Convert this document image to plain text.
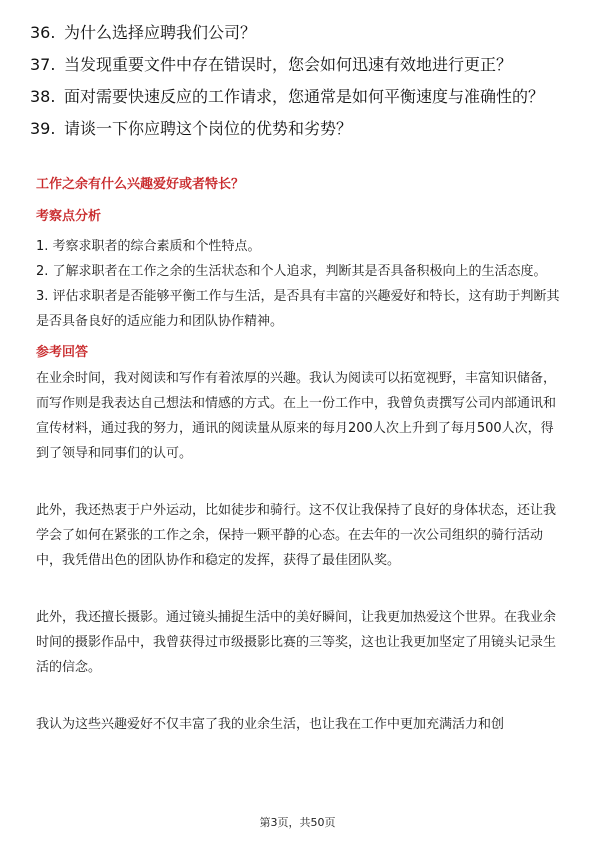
36. 为什么选择应聘我们公司？
37. 当发现重要文件中存在错误时，您会如何迅速有效地进行更正？
38. 面对需要快速反应的工作请求，您通常是如何平衡速度与准确性的？
39. 请谈一下你应聘这个岗位的优势和劣势？
工作之余有什么兴趣爱好或者特长？
考察点分析
1. 考察求职者的综合素质和个性特点。
2. 了解求职者在工作之余的生活状态和个人追求，判断其是否具备积极向上的生活态度。
3. 评估求职者是否能够平衡工作与生活，是否具有丰富的兴趣爱好和特长，这有助于判断其是否具备良好的适应能力和团队协作精神。
参考回答
在业余时间，我对阅读和写作有着浓厚的兴趣。我认为阅读可以拓宽视野，丰富知识储备，而写作则是我表达自己想法和情感的方式。在上一份工作中，我曾负责撰写公司内部通讯和宣传材料，通过我的努力，通讯的阅读量从原来的每月200人次上升到了每月500人次，得到了领导和同事们的认可。
此外，我还热衷于户外运动，比如徒步和骑行。这不仅让我保持了良好的身体状态，还让我学会了如何在紧张的工作之余，保持一颗平静的心态。在去年的一次公司组织的骑行活动中，我凭借出色的团队协作和稳定的发挥，获得了最佳团队奖。
此外，我还擅长摄影。通过镜头捕捉生活中的美好瞬间，让我更加热爱这个世界。在我业余时间的摄影作品中，我曾获得过市级摄影比赛的三等奖，这也让我更加坚定了用镜头记录生活的信念。
我认为这些兴趣爱好不仅丰富了我的业余生活，也让我在工作中更加充满活力和创
第3页，共50页
